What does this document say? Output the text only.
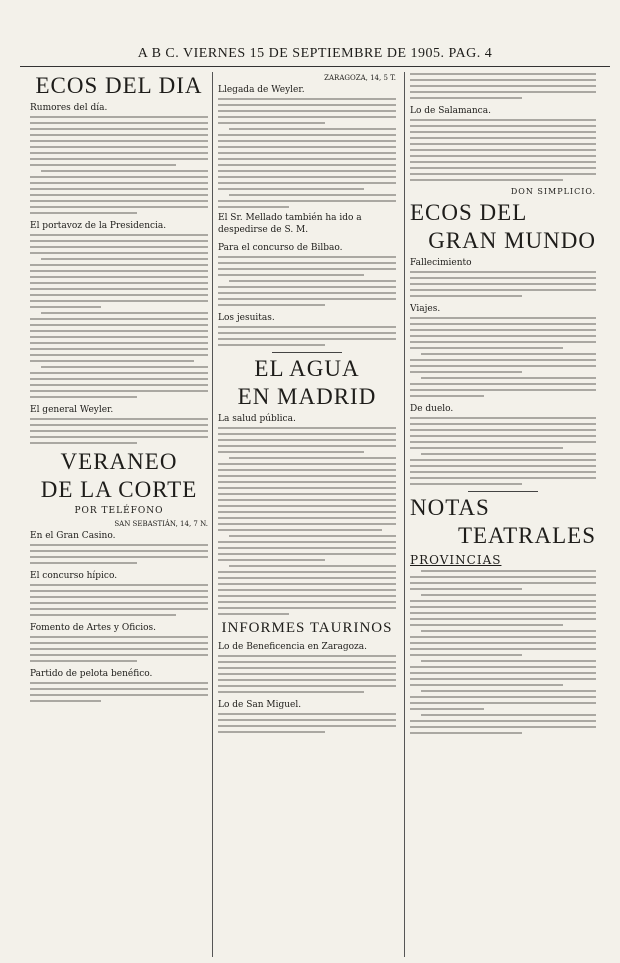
A B C. VIERNES 15 DE SEPTIEMBRE DE 1905. PAG. 4
ECOS DEL DIA
Rumores del día.
El portavoz de la Presidencia.
El general Weyler.
VERANEO
DE LA CORTE
POR TELÉFONO
SAN SEBASTIÁN, 14, 7 N.
En el Gran Casino.
El concurso hípico.
Fomento de Artes y Oficios.
Partido de pelota benéfico.
ZARAGOZA, 14, 5 T.
Llegada de Weyler.
El Sr. Mellado también ha ido a despedirse de S. M.
Para el concurso de Bilbao.
Los jesuitas.
EL AGUA
EN MADRID
La salud pública.
INFORMES TAURINOS
Lo de Beneficencia en Zaragoza.
Lo de San Miguel.
Lo de Salamanca.
DON SIMPLICIO.
ECOS DEL
GRAN MUNDO
Fallecimiento
Viajes.
De duelo.
NOTAS
TEATRALES
PROVINCIAS
